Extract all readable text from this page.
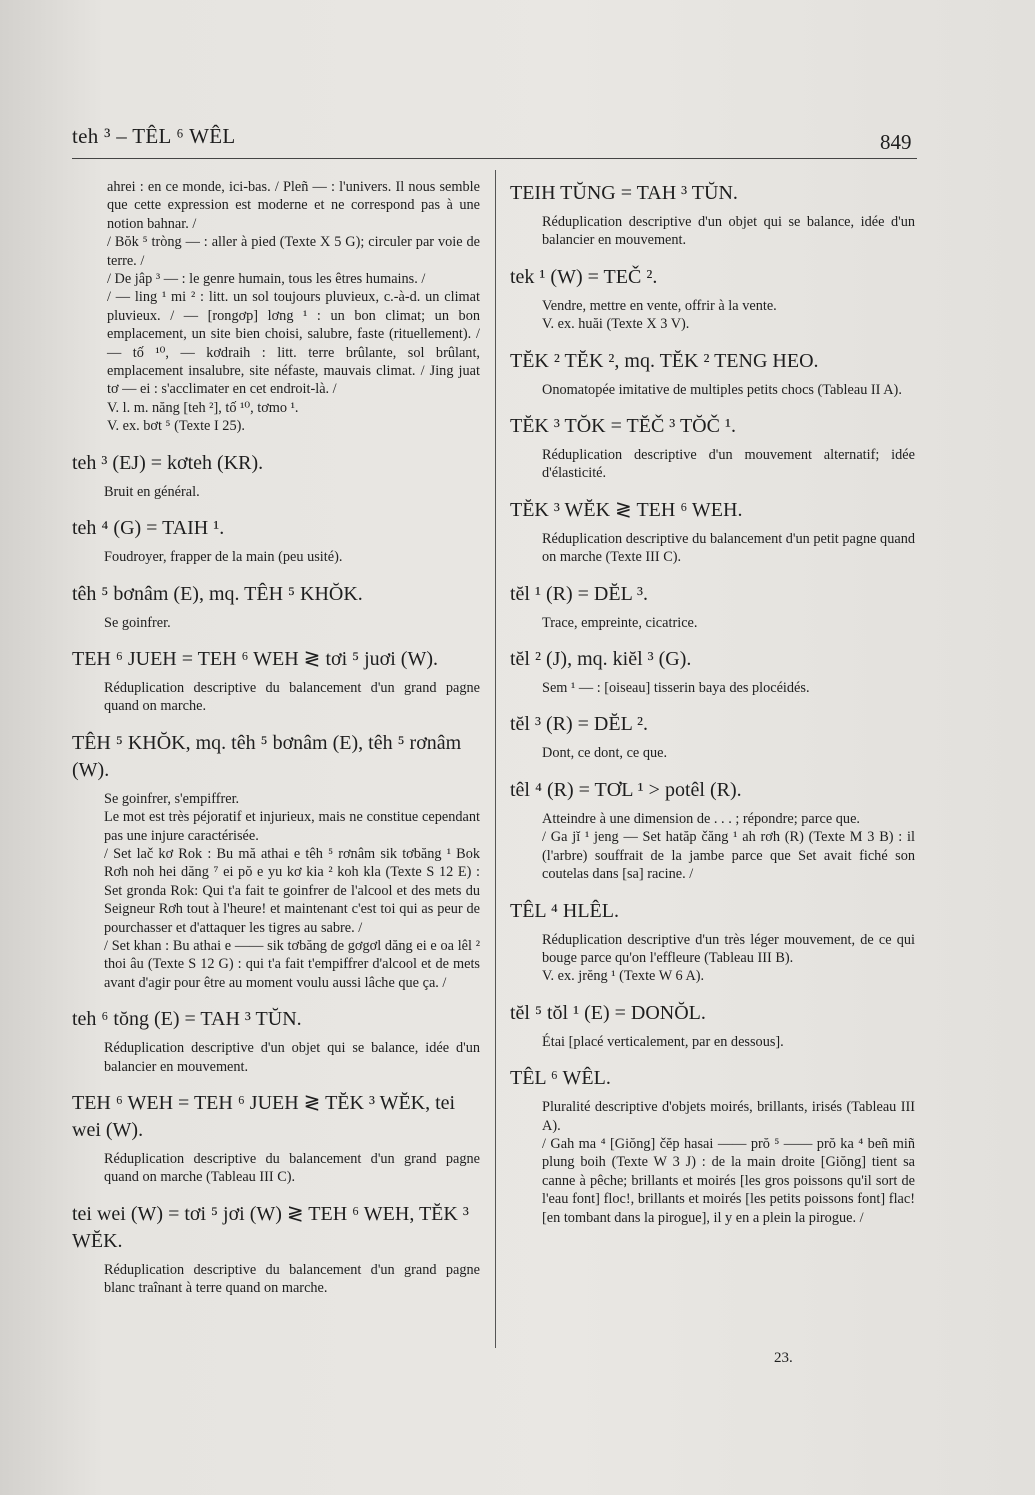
teh ³ – TÊL ⁶ WÊL	849

ahrei : en ce monde, ici-bas. / Pleñ — : l'univers. Il nous semble que cette expression est moderne et ne correspond pas à une notion bahnar. /

/ Bŏk ⁵ tròng — : aller à pied (Texte X 5 G); circuler par voie de terre. /

/ De jâp ³ — : le genre humain, tous les êtres humains. /

/ — ling ¹ mi ² : litt. un sol toujours pluvieux, c.-à-d. un climat pluvieux. / — [rongơp] lơng ¹ : un bon climat; un bon emplacement, un site bien choisi, salubre, faste (rituellement). / — tố ¹⁰, — kơdraih : litt. terre brûlante, sol brûlant, emplacement insalubre, site néfaste, mauvais climat. / Jing juat tơ — ei : s'acclimater en cet endroit-là. /

V. l. m. năng [teh ²], tố ¹⁰, tơmo ¹.

V. ex. bơt ⁵ (Texte I 25).

teh ³ (EJ) = kơteh (KR).

Bruit en général.

teh ⁴ (G) = TAIH ¹.

Foudroyer, frapper de la main (peu usité).

têh ⁵ bơnâm (E), mq. TÊH ⁵ KHŎK.

Se goinfrer.

TEH ⁶ JUEH = TEH ⁶ WEH ≷ tơi ⁵ juơi (W).

Réduplication descriptive du balancement d'un grand pagne quand on marche.

TÊH ⁵ KHŎK, mq. têh ⁵ bơnâm (E), têh ⁵ rơnâm (W).

Se goinfrer, s'empiffrer.

Le mot est très péjoratif et injurieux, mais ne constitue cependant pas une injure caractérisée.

/ Set lač kơ Rok : Bu mă athai e têh ⁵ rơnâm sik tơbăng ¹ Bok Rơh noh hei dăng ⁷ ei pŏ e yu kơ kia ² koh kla (Texte S 12 E) : Set gronda Rok: Qui t'a fait te goinfrer de l'alcool et des mets du Seigneur Rơh tout à l'heure! et maintenant c'est toi qui as peur de pourchasser et d'attaquer les tigres au sabre. /

/ Set khan : Bu athai e —— sik tơbăng de gơgơl dăng ei e oa lêl ² thoi âu (Texte S 12 G) : qui t'a fait t'empiffrer d'alcool et de mets avant d'agir pour être au moment voulu aussi lâche que ça. /

teh ⁶ tŏng (E) = TAH ³ TŬN.

Réduplication descriptive d'un objet qui se balance, idée d'un balancier en mouvement.

TEH ⁶ WEH = TEH ⁶ JUEH ≷ TĔK ³ WĔK, tei wei (W).

Réduplication descriptive du balancement d'un grand pagne quand on marche (Tableau III C).

tei wei (W) = tơi ⁵ jơi (W) ≷ TEH ⁶ WEH, TĔK ³ WĔK.

Réduplication descriptive du balancement d'un grand pagne blanc traînant à terre quand on marche.

TEIH TŬNG = TAH ³ TŬN.

Réduplication descriptive d'un objet qui se balance, idée d'un balancier en mouvement.

tek ¹ (W) = TEČ ².

Vendre, mettre en vente, offrir à la vente.

V. ex. huăi (Texte X 3 V).

TĔK ² TĔK ², mq. TĔK ² TENG HEO.

Onomatopée imitative de multiples petits chocs (Tableau II A).

TĔK ³ TŎK = TĔČ ³ TŎČ ¹.

Réduplication descriptive d'un mouvement alternatif; idée d'élasticité.

TĔK ³ WĔK ≷ TEH ⁶ WEH.

Réduplication descriptive du balancement d'un petit pagne quand on marche (Texte III C).

tĕl ¹ (R) = DĔL ³.

Trace, empreinte, cicatrice.

tĕl ² (J), mq. kiĕl ³ (G).

Sem ¹ — : [oiseau] tisserin baya des plocéidés.

tĕl ³ (R) = DĔL ².

Dont, ce dont, ce que.

têl ⁴ (R) = TƠL ¹ > potêl (R).

Atteindre à une dimension de . . . ; répondre; parce que.

/ Ga jĭ ¹ jeng — Set hatăp čăng ¹ ah rơh (R) (Texte M 3 B) : il (l'arbre) souffrait de la jambe parce que Set avait fiché son coutelas dans [sa] racine. /

TÊL ⁴ HLÊL.

Réduplication descriptive d'un très léger mouvement, de ce qui bouge parce qu'on l'effleure (Tableau III B).

V. ex. jrĕng ¹ (Texte W 6 A).

tĕl ⁵ tŏl ¹ (E) = DONŎL.

Étai [placé verticalement, par en dessous].

TÊL ⁶ WÊL.

Pluralité descriptive d'objets moirés, brillants, irisés (Tableau III A).

/ Gah ma ⁴ [Giŏng] čĕp hasai —— prŏ ⁵ —— prŏ ka ⁴ beñ miñ plung boih (Texte W 3 J) : de la main droite [Giŏng] tient sa canne à pêche; brillants et moirés [les gros poissons qu'il sort de l'eau font] floc!, brillants et moirés [les petits poissons font] flac! [en tombant dans la pirogue], il y en a plein la pirogue. /

23.
